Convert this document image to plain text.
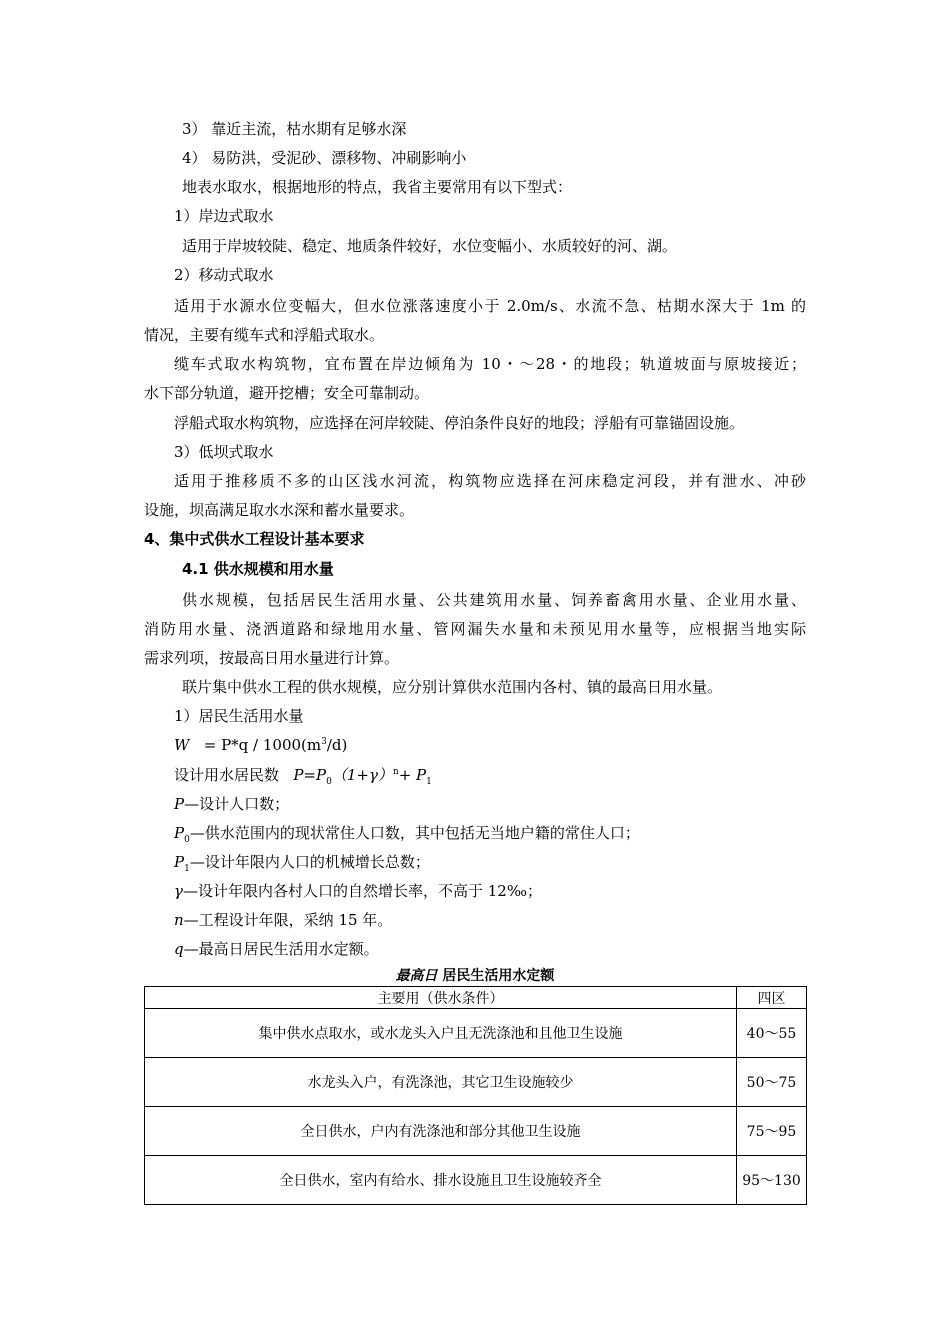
3） 靠近主流，枯水期有足够水深
4） 易防洪，受泥砂、漂移物、冲刷影响小
地表水取水，根据地形的特点，我省主要常用有以下型式：
1）岸边式取水
适用于岸坡较陡、稳定、地质条件较好，水位变幅小、水质较好的河、湖。
2）移动式取水
适用于水源水位变幅大，但水位涨落速度小于 2.0m/s、水流不急、枯期水深大于 1m 的
情况，主要有缆车式和浮船式取水。
缆车式取水构筑物，宜布置在岸边倾角为 10・～28・的地段；轨道坡面与原坡接近；
水下部分轨道，避开挖槽；安全可靠制动。
浮船式取水构筑物，应选择在河岸较陡、停泊条件良好的地段；浮船有可靠锚固设施。
3）低坝式取水
适用于推移质不多的山区浅水河流，构筑物应选择在河床稳定河段，并有泄水、冲砂
设施，坝高满足取水水深和蓄水量要求。
4、集中式供水工程设计基本要求
4.1 供水规模和用水量
供水规模，包括居民生活用水量、公共建筑用水量、饲养畜禽用水量、企业用水量、
消防用水量、浇洒道路和绿地用水量、管网漏失水量和未预见用水量等，应根据当地实际
需求列项，按最高日用水量进行计算。
联片集中供水工程的供水规模，应分别计算供水范围内各村、镇的最高日用水量。
1）居民生活用水量
$W = P*q / 1000(m^3/d)$
设计用水居民数 $P=P_0(1+\gamma)^n+ P_1$
P—设计人口数；
$P_0—$供水范围内的现状常住人口数，其中包括无当地户籍的常住人口；
$P_1—$设计年限内人口的机械增长总数；
γ—设计年限内各村人口的自然增长率，不高于 12‰；
n—工程设计年限，采纳 15 年。
q—最高日居民生活用水定额。
最高日 居民生活用水定额
主要用（供水条件）	四区
集中供水点取水，或水龙头入户且无洗涤池和且他卫生设施	40～55
水龙头入户，有洗涤池，其它卫生设施较少	50～75
全日供水，户内有洗涤池和部分其他卫生设施	75～95
全日供水，室内有给水、排水设施且卫生设施较齐全	95～130
